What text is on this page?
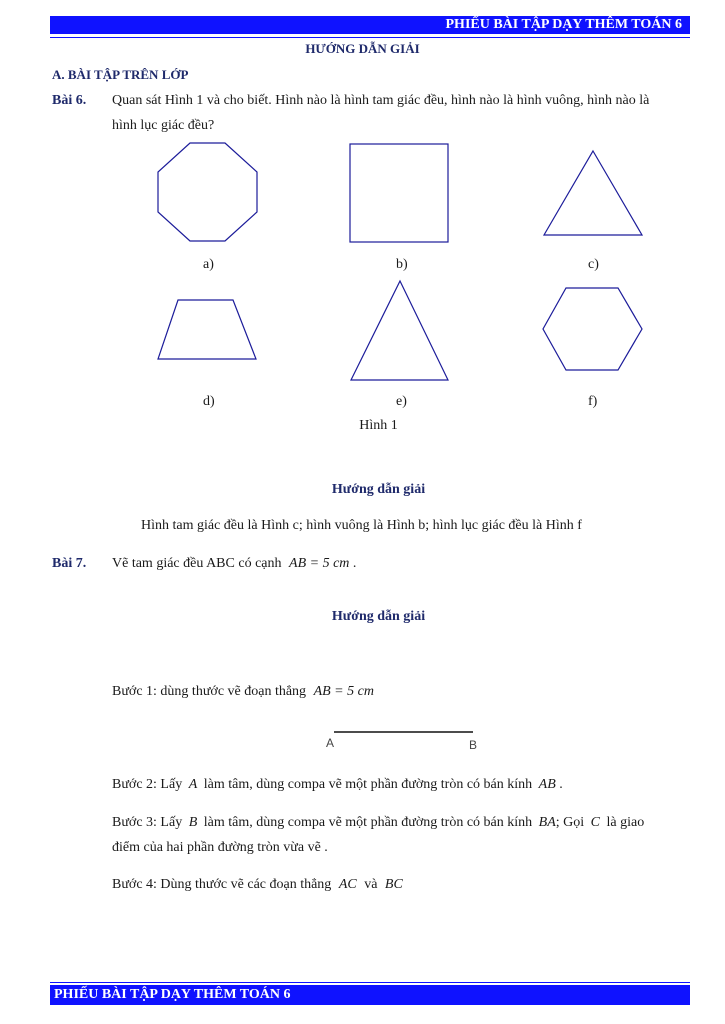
PHIẾU BÀI TẬP DẠY THÊM TOÁN 6
HƯỚNG DẪN GIẢI
A. BÀI TẬP TRÊN LỚP
Bài 6. Quan sát Hình 1 và cho biết. Hình nào là hình tam giác đều, hình nào là hình vuông, hình nào là
hình lục giác đều?
a)	b)	c)
d)	e)	f)
Hình 1
Hướng dẫn giải
Hình tam giác đều là Hình c; hình vuông là Hình b; hình lục giác đều là Hình f
Bài 7. Vẽ tam giác đều ABC có cạnh AB = 5 cm .
Hướng dẫn giải
Bước 1: dùng thước vẽ đoạn thẳng AB = 5 cm
A	B
Bước 2: Lấy A làm tâm, dùng compa vẽ một phần đường tròn có bán kính AB .
Bước 3: Lấy B làm tâm, dùng compa vẽ một phần đường tròn có bán kính BA; Gọi C là giao
điểm của hai phần đường tròn vừa vẽ .
Bước 4: Dùng thước vẽ các đoạn thẳng AC và BC
PHIẾU BÀI TẬP DẠY THÊM TOÁN 6
